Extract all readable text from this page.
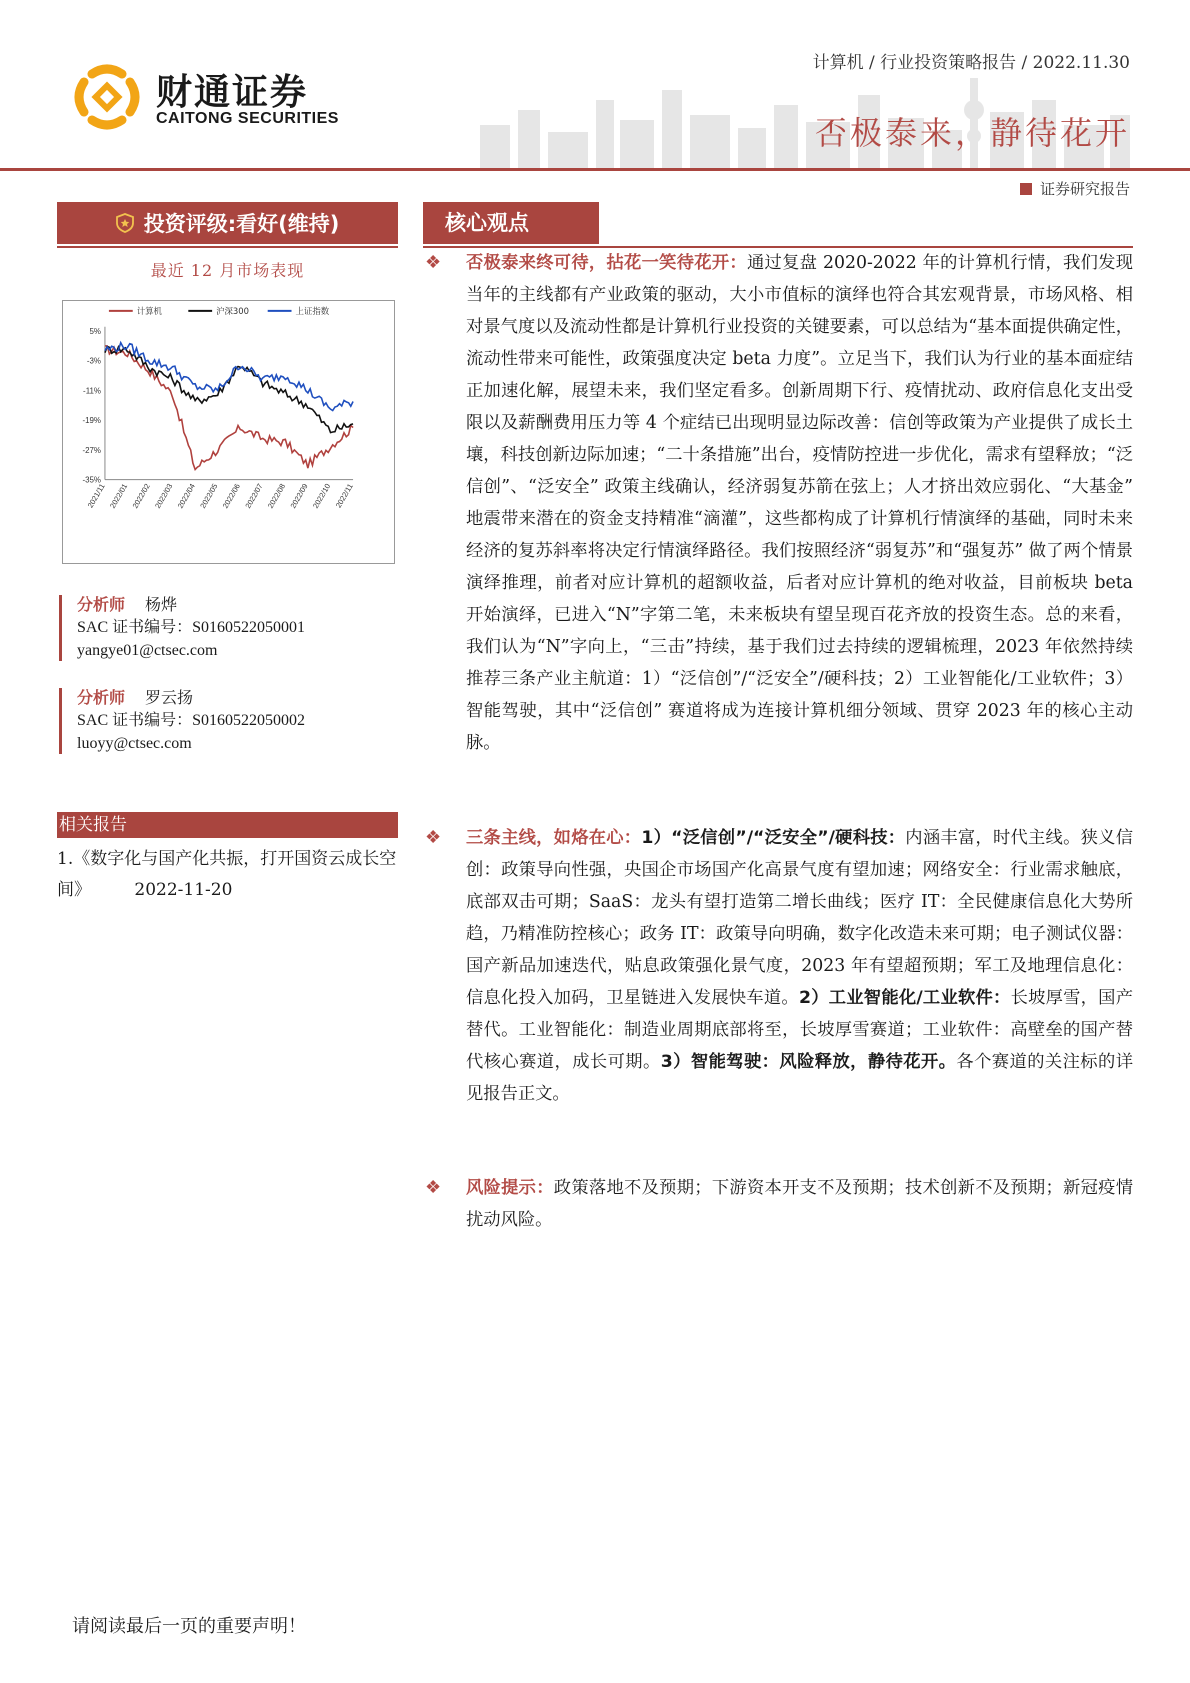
财通证券
CAITONG SECURITIES
计算机 / 行业投资策略报告 / 2022.11.30
否极泰来，静待花开
证券研究报告
投资评级:看好(维持)
最近 12 月市场表现
5%
-3%
-11%
-19%
-27%
-35%
2021/11 2022/01 2022/02 2022/03 2022/04 2022/05 2022/06 2022/07 2022/08 2022/09 2022/10 2022/11
计算机	沪深300	上证指数
分析师 杨烨
SAC 证书编号：S0160522050001
yangye01@ctsec.com
分析师 罗云扬
SAC 证书编号：S0160522050002
luoyy@ctsec.com
相关报告
1.《数字化与国产化共振，打开国资云成长空间》	2022-11-20
核心观点
❖ 否极泰来终可待，拈花一笑待花开：通过复盘 2020-2022 年的计算机行情，我们发现当年的主线都有产业政策的驱动，大小市值标的演绎也符合其宏观背景，市场风格、相对景气度以及流动性都是计算机行业投资的关键要素，可以总结为“基本面提供确定性，流动性带来可能性，政策强度决定 beta 力度”。立足当下，我们认为行业的基本面症结正加速化解，展望未来，我们坚定看多。创新周期下行、疫情扰动、政府信息化支出受限以及薪酬费用压力等 4 个症结已出现明显边际改善：信创等政策为产业提供了成长土壤，科技创新边际加速；“二十条措施”出台，疫情防控进一步优化，需求有望释放；“泛信创”、“泛安全” 政策主线确认，经济弱复苏箭在弦上；人才挤出效应弱化、“大基金” 地震带来潜在的资金支持精准“滴灌”，这些都构成了计算机行情演绎的基础，同时未来经济的复苏斜率将决定行情演绎路径。我们按照经济“弱复苏”和“强复苏” 做了两个情景演绎推理，前者对应计算机的超额收益，后者对应计算机的绝对收益，目前板块 beta 开始演绎，已进入“N”字第二笔，未来板块有望呈现百花齐放的投资生态。总的来看，我们认为“N”字向上，“三击”持续，基于我们过去持续的逻辑梳理，2023 年依然持续推荐三条产业主航道：1）“泛信创”/“泛安全”/硬科技；2）工业智能化/工业软件；3）智能驾驶，其中“泛信创” 赛道将成为连接计算机细分领域、贯穿 2023 年的核心主动脉。
❖ 三条主线，如烙在心：1）“泛信创”/“泛安全”/硬科技：内涵丰富，时代主线。狭义信创：政策导向性强，央国企市场国产化高景气度有望加速；网络安全：行业需求触底，底部双击可期；SaaS：龙头有望打造第二增长曲线；医疗 IT：全民健康信息化大势所趋，乃精准防控核心；政务 IT：政策导向明确，数字化改造未来可期；电子测试仪器：国产新品加速迭代，贴息政策强化景气度，2023 年有望超预期；军工及地理信息化：信息化投入加码，卫星链进入发展快车道。2）工业智能化/工业软件：长坡厚雪，国产替代。工业智能化：制造业周期底部将至，长坡厚雪赛道；工业软件：高壁垒的国产替代核心赛道，成长可期。3）智能驾驶：风险释放，静待花开。各个赛道的关注标的详见报告正文。
❖ 风险提示：政策落地不及预期；下游资本开支不及预期；技术创新不及预期；新冠疫情扰动风险。
请阅读最后一页的重要声明！
